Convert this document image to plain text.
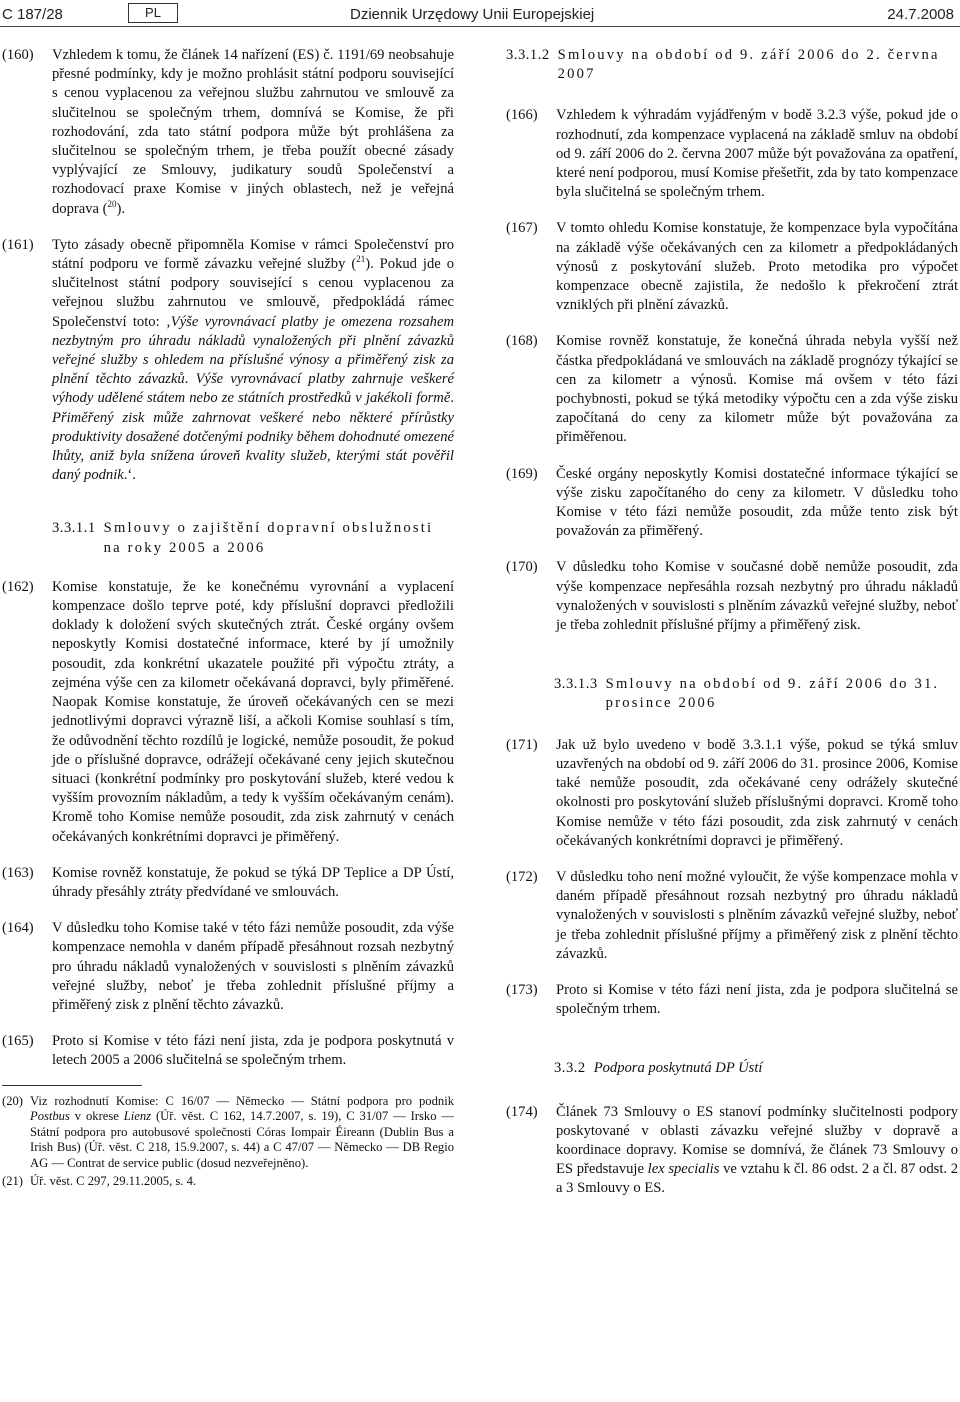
C 187/28	PL	Dziennik Urzędowy Unii Europejskiej	24.7.2008
(160)	Vzhledem k tomu, že článek 14 nařízení (ES) č. 1191/69 neobsahuje přesné podmínky, kdy je možno prohlásit státní podporu související s cenou vyplacenou za veřejnou službu zahrnutou ve smlouvě za slučitelnou se společným trhem, domnívá se Komise, že při rozhodování, zda tato státní podpora může být prohlášena za slučitelnou se společným trhem, je třeba použít obecné zásady vyplývající ze Smlouvy, judikatury soudů Společenství a rozhodovací praxe Komise v jiných oblastech, než je veřejná doprava ($^{20}$).
(161)	Tyto zásady obecně připomněla Komise v rámci Společenství pro státní podporu ve formě závazku veřejné služby ($^{21}$). Pokud jde o slučitelnost státní podpory související s cenou vyplacenou za veřejnou službu zahrnutou ve smlouvě, předpokládá rámec Společenství toto: ‚Výše vyrovnávací platby je omezena rozsahem nezbytným pro úhradu nákladů vynaložených při plnění závazků veřejné služby s ohledem na příslušné výnosy a přiměřený zisk za plnění těchto závazků. Výše vyrovnávací platby zahrnuje veškeré výhody udělené státem nebo ze státních prostředků v jakékoli formě. Přiměřený zisk může zahrnovat veškeré nebo některé přírůstky produktivity dosažené dotčenými podniky během dohodnuté omezené lhůty, aniž byla snížena úroveň kvality služeb, kterými stát pověřil daný podnik.‘.
3.3.1.1 Smlouvy o zajištění dopravní obslužnosti na roky 2005 a 2006
(162)	Komise konstatuje, že ke konečnému vyrovnání a vyplacení kompenzace došlo teprve poté, kdy příslušní dopravci předložili doklady k doložení svých skutečných ztrát. České orgány ovšem neposkytly Komisi dostatečné informace, které by jí umožnily posoudit, zda konkrétní ukazatele použité při výpočtu ztráty, a zejména výše cen za kilometr očekávaná dopravci, byly přiměřené. Naopak Komise konstatuje, že úroveň očekávaných cen se mezi jednotlivými dopravci výrazně liší, a ačkoli Komise souhlasí s tím, že odůvodnění těchto rozdílů je logické, nemůže posoudit, že pokud jde o příslušné dopravce, odrážejí očekávané ceny jejich skutečnou situaci (konkrétní podmínky pro poskytování služeb, které vedou k vyšším provozním nákladům, a tedy k vyšším očekávaným cenám). Kromě toho Komise nemůže posoudit, zda zisk zahrnutý v cenách očekávaných konkrétními dopravci je přiměřený.
(163)	Komise rovněž konstatuje, že pokud se týká DP Teplice a DP Ústí, úhrady přesáhly ztráty předvídané ve smlouvách.
(164)	V důsledku toho Komise také v této fázi nemůže posoudit, zda výše kompenzace nemohla v daném případě přesáhnout rozsah nezbytný pro úhradu nákladů vynaložených v souvislosti s plněním závazků veřejné služby, neboť je třeba zohlednit příslušné příjmy a přiměřený zisk z plnění těchto závazků.
(165)	Proto si Komise v této fázi není jista, zda je podpora poskytnutá v letech 2005 a 2006 slučitelná se společným trhem.
(20) Viz rozhodnutí Komise: C 16/07 — Německo — Státní podpora pro podnik Postbus v okrese Lienz (Úř. věst. C 162, 14.7.2007, s. 19), C 31/07 — Irsko — Státní podpora pro autobusové společnosti Córas Iompair Éireann (Dublin Bus a Irish Bus) (Úř. věst. C 218, 15.9.2007, s. 44) a C 47/07 — Německo — DB Regio AG — Contrat de service public (dosud nezveřejněno).
(21) Úř. věst. C 297, 29.11.2005, s. 4.
3.3.1.2 Smlouvy na období od 9. září 2006 do 2. června 2007
(166)	Vzhledem k výhradám vyjádřeným v bodě 3.2.3 výše, pokud jde o rozhodnutí, zda kompenzace vyplacená na základě smluv na období od 9. září 2006 do 2. června 2007 může být považována za opatření, které není podporou, musí Komise přešetřit, zda by tato kompenzace byla slučitelná se společným trhem.
(167)	V tomto ohledu Komise konstatuje, že kompenzace byla vypočítána na základě výše očekávaných cen za kilometr a předpokládaných výnosů z poskytování služeb. Proto metodika pro výpočet kompenzace obecně zajistila, že nedošlo k překročení ztrát vzniklých při plnění závazků.
(168)	Komise rovněž konstatuje, že konečná úhrada nebyla vyšší než částka předpokládaná ve smlouvách na základě prognózy týkající se cen za kilometr a výnosů. Komise má ovšem v této fázi pochybnosti, pokud se týká metodiky výpočtu cen a zda výše zisku započítaná do ceny za kilometr může být považována za přiměřenou.
(169)	České orgány neposkytly Komisi dostatečné informace týkající se výše zisku započítaného do ceny za kilometr. V důsledku toho Komise v této fázi nemůže posoudit, zda může tento zisk být považován za přiměřený.
(170)	V důsledku toho Komise v současné době nemůže posoudit, zda výše kompenzace nepřesáhla rozsah nezbytný pro úhradu nákladů vynaložených v souvislosti s plněním závazků veřejné služby, neboť je třeba zohlednit příslušné příjmy a přiměřený zisk.
3.3.1.3 Smlouvy na období od 9. září 2006 do 31. prosince 2006
(171)	Jak už bylo uvedeno v bodě 3.3.1.1 výše, pokud se týká smluv uzavřených na období od 9. září 2006 do 31. prosince 2006, Komise také nemůže posoudit, zda očekávané ceny odrážely skutečné okolnosti pro poskytování služeb příslušnými dopravci. Kromě toho Komise nemůže v této fázi posoudit, zda zisk zahrnutý v cenách očekávaných konkrétními dopravci je přiměřený.
(172)	V důsledku toho není možné vyloučit, že výše kompenzace mohla v daném případě přesáhnout rozsah nezbytný pro úhradu nákladů vynaložených v souvislosti s plněním závazků veřejné služby, neboť je třeba zohlednit příslušné příjmy a přiměřený zisk z plnění těchto závazků.
(173)	Proto si Komise v této fázi není jista, zda je podpora slučitelná se společným trhem.
3.3.2 Podpora poskytnutá DP Ústí
(174)	Článek 73 Smlouvy o ES stanoví podmínky slučitelnosti podpory poskytované v oblasti závazku veřejné služby v dopravě a koordinace dopravy. Komise se domnívá, že článek 73 Smlouvy o ES představuje lex specialis ve vztahu k čl. 86 odst. 2 a čl. 87 odst. 2 a 3 Smlouvy o ES.
